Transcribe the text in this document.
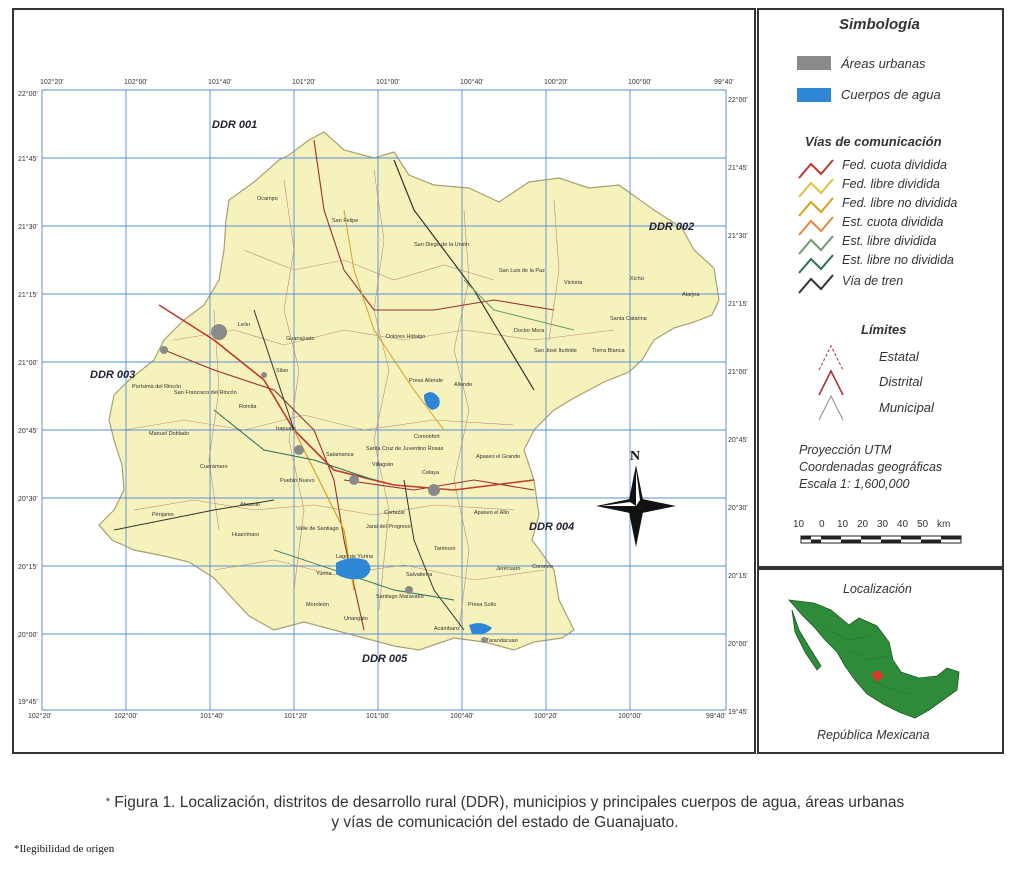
DDR 001
DDR 002
DDR 003
DDR 004
DDR 005
102°20'	102°00'	101°40'	101°20'	101°00'	100°40'	100°20'	100°00'	99°40'
102°20'	102°00'	101°40'	101°20'	101°00'	100°40'	100°20'	100°00'	99°40'
22°00'
21°45'
21°30'
21°15'
21°00'
20°45'
20°30'
20°15'
20°00'
19°45'
22°00'
21°45'
21°30'
21°15'
21°00'
20°45'
20°30'
20°15'
20°00'
19°45'
Ocampo
San Felipe
San Diego de la Unión
San Luis de la Paz
Victoria
Xichú
Atarjea
Santa Catarina
Doctor Mora
San José Iturbide	Tierra Blanca
León
Guanajuato	Dolores Hidalgo
Allende
Presa Allende
San Francisco del Rincón
Purísima del Rincón
Silao
Romita
Manuel Doblado
Irapuato
Salamanca
Comonfort
Apaseo el Grande
Cuerámaro
Abasolo
Pueblo Nuevo
Villagrán
Celaya
Santa Cruz de Juventino Rosas
Cortazar	Apaseo el Alto
Pénjamo
Huanímaro
Valle de Santiago	Jaral del Progreso
Tarimoro
Jerécuaro Coroneo
Yuriria
Santiago Maravatío
Moroleón
Uriangato
Salvatierra
Acámbaro
Presa Solís
Tarandacuao
Lago de Yuriria
N
Simbología
Áreas urbanas
Cuerpos de agua
Vías de comunicación
Fed. cuota dividida
Fed. libre dividida
Fed. libre no dividida
Est. cuota dividida
Est. libre dividida
Est. libre no dividida
Vía de tren
Límites
Estatal
Distrital
Municipal
Proyección UTM
Coordenadas geográficas
Escala 1: 1,600,000
10 0 10 20 30 40 50 km
Localización
República Mexicana
* Figura 1. Localización, distritos de desarrollo rural (DDR), municipios y principales cuerpos de agua, áreas urbanas
y vías de comunicación del estado de Guanajuato.
*Ilegibilidad de origen
